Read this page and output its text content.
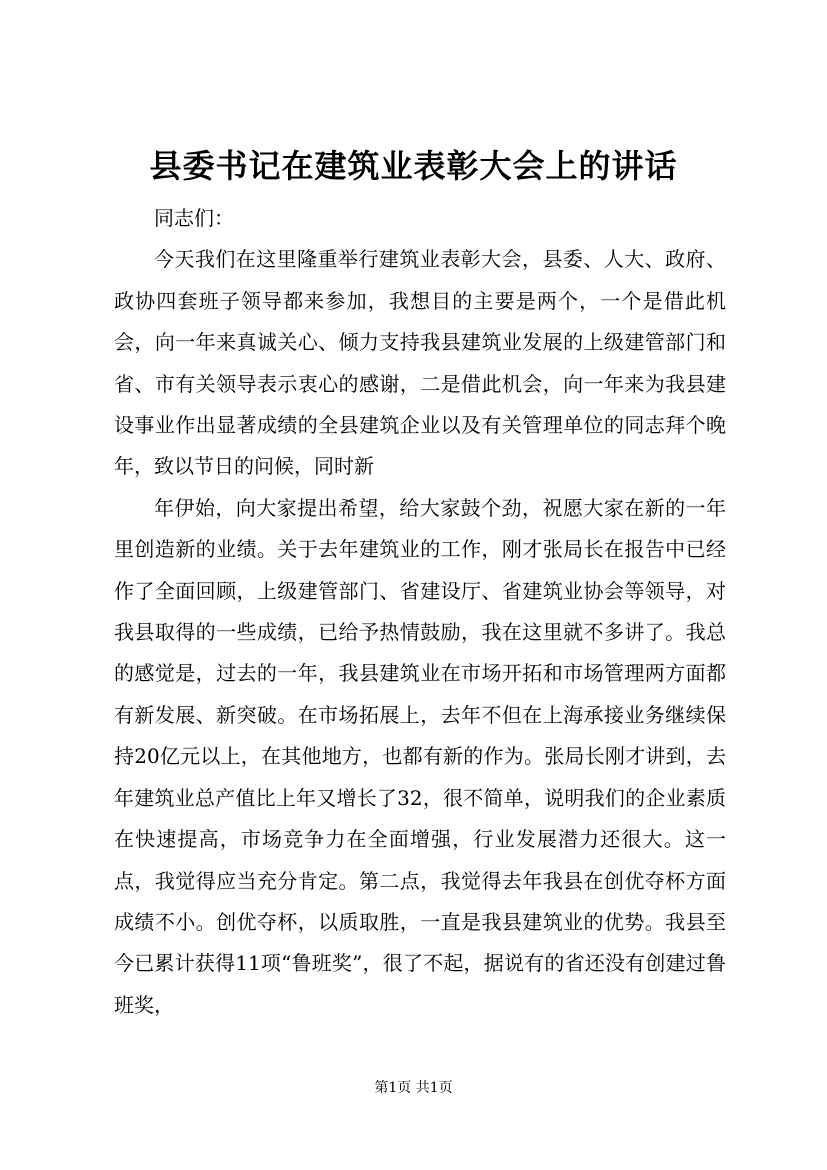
县委书记在建筑业表彰大会上的讲话

同志们：

今天我们在这里隆重举行建筑业表彰大会，县委、人大、政府、政协四套班子领导都来参加，我想目的主要是两个，一个是借此机会，向一年来真诚关心、倾力支持我县建筑业发展的上级建管部门和省、市有关领导表示衷心的感谢，二是借此机会，向一年来为我县建设事业作出显著成绩的全县建筑企业以及有关管理单位的同志拜个晚年，致以节日的问候，同时新

年伊始，向大家提出希望，给大家鼓个劲，祝愿大家在新的一年里创造新的业绩。关于去年建筑业的工作，刚才张局长在报告中已经作了全面回顾，上级建管部门、省建设厅、省建筑业协会等领导，对我县取得的一些成绩，已给予热情鼓励，我在这里就不多讲了。我总的感觉是，过去的一年，我县建筑业在市场开拓和市场管理两方面都有新发展、新突破。在市场拓展上，去年不但在上海承接业务继续保持20亿元以上，在其他地方，也都有新的作为。张局长刚才讲到，去年建筑业总产值比上年又增长了32，很不简单，说明我们的企业素质在快速提高，市场竞争力在全面增强，行业发展潜力还很大。这一点，我觉得应当充分肯定。第二点，我觉得去年我县在创优夺杯方面成绩不小。创优夺杯，以质取胜，一直是我县建筑业的优势。我县至今已累计获得11项“鲁班奖”，很了不起，据说有的省还没有创建过鲁班奖，

第1页 共1页
